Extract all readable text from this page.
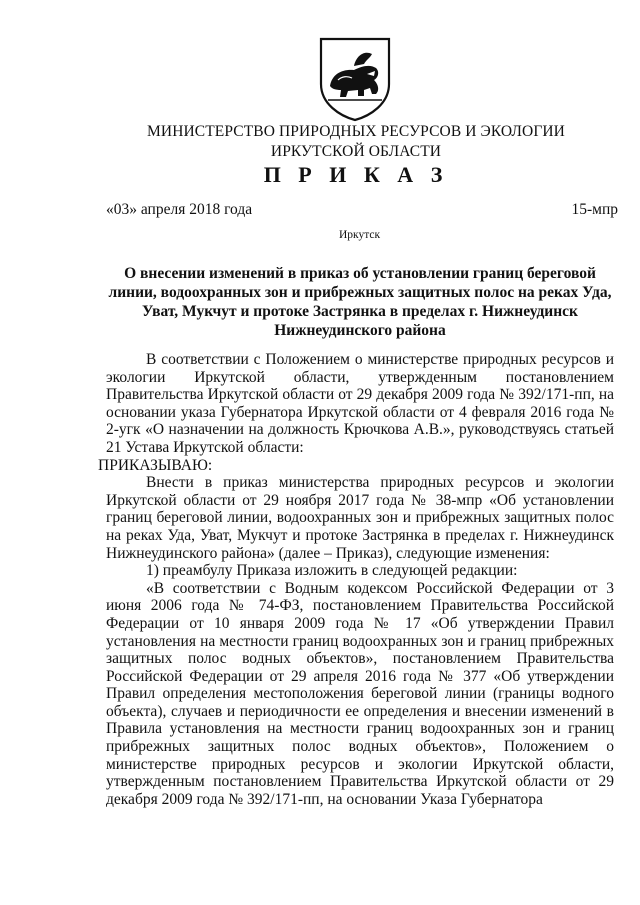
МИНИСТЕРСТВО ПРИРОДНЫХ РЕСУРСОВ И ЭКОЛОГИИ
ИРКУТСКОЙ ОБЛАСТИ
П Р И К А З
«03» апреля 2018 года	15-мпр
Иркутск
О внесении изменений в приказ об установлении границ береговой линии, водоохранных зон и прибрежных защитных полос на реках Уда, Уват, Мукчут и протоке Застрянка в пределах г. Нижнеудинск Нижнеудинского района

В соответствии с Положением о министерстве природных ресурсов и экологии Иркутской области, утвержденным постановлением Правительства Иркутской области от 29 декабря 2009 года № 392/171-пп, на основании указа Губернатора Иркутской области от 4 февраля 2016 года № 2-угк «О назначении на должность Крючкова А.В.», руководствуясь статьей 21 Устава Иркутской области:

ПРИКАЗЫВАЮ:

Внести в приказ министерства природных ресурсов и экологии Иркутской области от 29 ноября 2017 года № 38-мпр «Об установлении границ береговой линии, водоохранных зон и прибрежных защитных полос на реках Уда, Уват, Мукчут и протоке Застрянка в пределах г. Нижнеудинск Нижнеудинского района» (далее – Приказ), следующие изменения:

1) преамбулу Приказа изложить в следующей редакции:

«В соответствии с Водным кодексом Российской Федерации от 3 июня 2006 года № 74-ФЗ, постановлением Правительства Российской Федерации от 10 января 2009 года № 17 «Об утверждении Правил установления на местности границ водоохранных зон и границ прибрежных защитных полос водных объектов», постановлением Правительства Российской Федерации от 29 апреля 2016 года № 377 «Об утверждении Правил определения местоположения береговой линии (границы водного объекта), случаев и периодичности ее определения и внесении изменений в Правила установления на местности границ водоохранных зон и границ прибрежных защитных полос водных объектов», Положением о министерстве природных ресурсов и экологии Иркутской области, утвержденным постановлением Правительства Иркутской области от 29 декабря 2009 года № 392/171-пп, на основании Указа Губернатора
